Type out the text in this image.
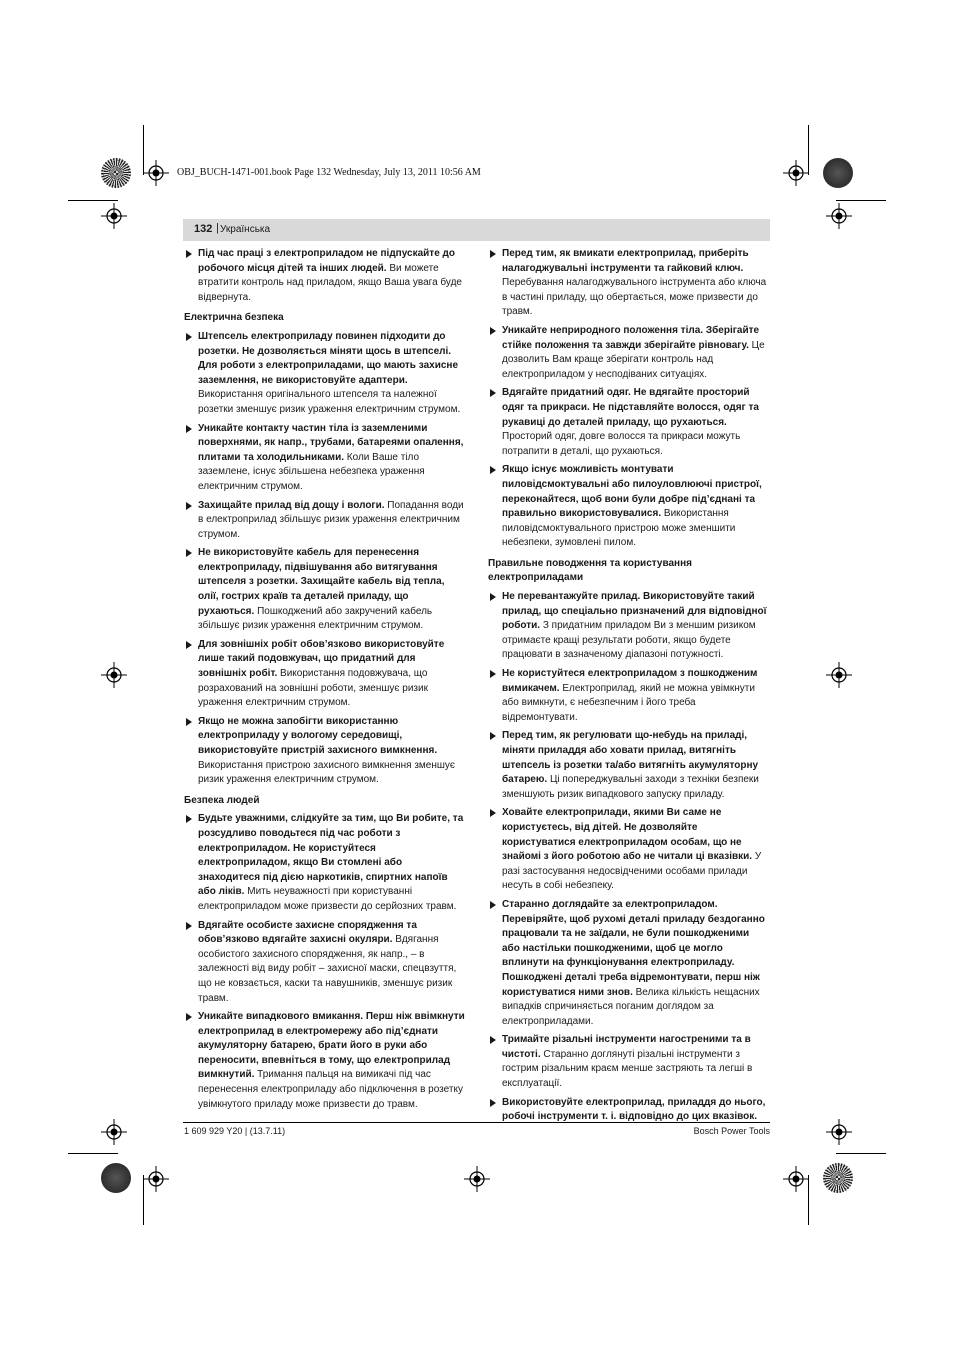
OBJ_BUCH-1471-001.book Page 132 Wednesday, July 13, 2011 10:56 AM
132 | Українська
Під час праці з електроприладом не підпускайте до робочого місця дітей та інших людей. Ви можете втратити контроль над приладом, якщо Ваша увага буде відвернута.
Електрична безпека
Штепсель електроприладу повинен підходити до розетки. Не дозволяється міняти щось в штепселі. Для роботи з електроприладами, що мають захисне заземлення, не використовуйте адаптери. Використання оригінального штепселя та належної розетки зменшує ризик ураження електричним струмом.
Уникайте контакту частин тіла із заземленими поверхнями, як напр., трубами, батареями опалення, плитами та холодильниками. Коли Ваше тіло заземлене, існує збільшена небезпека ураження електричним струмом.
Захищайте прилад від дощу і вологи. Попадання води в електроприлад збільшує ризик ураження електричним струмом.
Не використовуйте кабель для перенесення електроприладу, підвішування або витягування штепселя з розетки. Захищайте кабель від тепла, олії, гострих країв та деталей приладу, що рухаються. Пошкоджений або закручений кабель збільшує ризик ураження електричним струмом.
Для зовнішніх робіт обов’язково використовуйте лише такий подовжувач, що придатний для зовнішніх робіт. Використання подовжувача, що розрахований на зовнішні роботи, зменшує ризик ураження електричним струмом.
Якщо не можна запобігти використанню електроприладу у вологому середовищі, використовуйте пристрій захисного вимкнення. Використання пристрою захисного вимкнення зменшує ризик ураження електричним струмом.
Безпека людей
Будьте уважними, слідкуйте за тим, що Ви робите, та розсудливо поводьтеся під час роботи з електроприладом. Не користуйтеся електроприладом, якщо Ви стомлені або знаходитеся під дією наркотиків, спиртних напоїв або ліків. Мить неуважності при користуванні електроприладом може призвести до серйозних травм.
Вдягайте особисте захисне спорядження та обов’язково вдягайте захисні окуляри. Вдягання особистого захисного спорядження, як напр., – в залежності від виду робіт – захисної маски, спецвзуття, що не ковзається, каски та навушників, зменшує ризик травм.
Уникайте випадкового вмикання. Перш ніж ввімкнути електроприлад в електромережу або під’єднати акумуляторну батарею, брати його в руки або переносити, впевніться в тому, що електроприлад вимкнутий. Тримання пальця на вимикачі під час перенесення електроприладу або підключення в розетку увімкнутого приладу може призвести до травм.
Перед тим, як вмикати електроприлад, приберіть налагоджувальні інструменти та гайковий ключ. Перебування налагоджувального інструмента або ключа в частині приладу, що обертається, може призвести до травм.
Уникайте неприродного положення тіла. Зберігайте стійке положення та завжди зберігайте рівновагу. Це дозволить Вам краще зберігати контроль над електроприладом у несподіваних ситуаціях.
Вдягайте придатний одяг. Не вдягайте просторий одяг та прикраси. Не підставляйте волосся, одяг та рукавиці до деталей приладу, що рухаються. Просторий одяг, довге волосся та прикраси можуть потрапити в деталі, що рухаються.
Якщо існує можливість монтувати пиловідсмоктувальні або пилоуловлюючі пристрої, переконайтеся, щоб вони були добре під’єднані та правильно використовувалися. Використання пиловідсмоктувального пристрою може зменшити небезпеки, зумовлені пилом.
Правильне поводження та користування електроприладами
Не перевантажуйте прилад. Використовуйте такий прилад, що спеціально призначений для відповідної роботи. З придатним приладом Ви з меншим ризиком отримаєте кращі результати роботи, якщо будете працювати в зазначеному діапазоні потужності.
Не користуйтеся електроприладом з пошкодженим вимикачем. Електроприлад, який не можна увімкнути або вимкнути, є небезпечним і його треба відремонтувати.
Перед тим, як регулювати що-небудь на приладі, міняти приладдя або ховати прилад, витягніть штепсель із розетки та/або витягніть акумуляторну батарею. Ці попереджувальні заходи з техніки безпеки зменшують ризик випадкового запуску приладу.
Ховайте електроприлади, якими Ви саме не користуєтесь, від дітей. Не дозволяйте користуватися електроприладом особам, що не знайомі з його роботою або не читали ці вказівки. У разі застосування недосвідченими особами прилади несуть в собі небезпеку.
Старанно доглядайте за електроприладом. Перевіряйте, щоб рухомі деталі приладу бездоганно працювали та не заїдали, не були пошкодженими або настільки пошкодженими, щоб це могло вплинути на функціонування електроприладу. Пошкоджені деталі треба відремонтувати, перш ніж користуватися ними знов. Велика кількість нещасних випадків спричиняється поганим доглядом за електроприладами.
Тримайте різальні інструменти нагостреними та в чистоті. Старанно доглянуті різальні інструменти з гострим різальним краєм менше застряють та легші в експлуатації.
Використовуйте електроприлад, приладдя до нього, робочі інструменти т. і. відповідно до цих вказівок.
1 609 929 Y20 | (13.7.11)	Bosch Power Tools
